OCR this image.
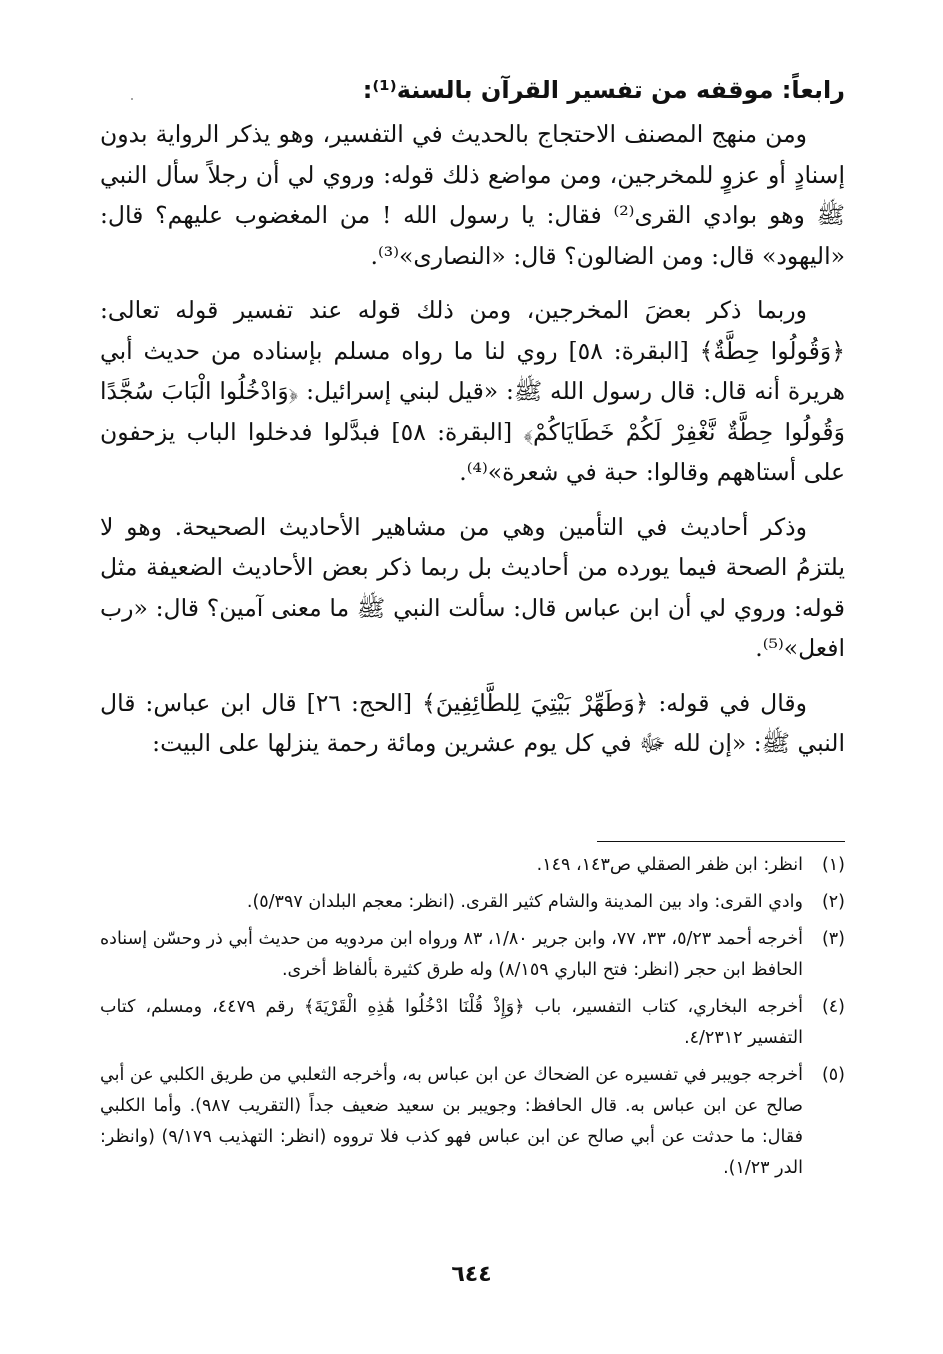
رابعاً: موقفه من تفسير القرآن بالسنة⁽¹⁾:

ومن منهج المصنف الاحتجاج بالحديث في التفسير، وهو يذكر الرواية بدون إسنادٍ أو عزوٍ للمخرجين، ومن مواضع ذلك قوله: وروي لي أن رجلاً سأل النبي ﷺ وهو بوادي القرى⁽²⁾ فقال: يا رسول الله ! من المغضوب عليهم؟ قال: «اليهود» قال: ومن الضالون؟ قال: «النصارى»⁽³⁾.

وربما ذكر بعضَ المخرجين، ومن ذلك قوله عند تفسير قوله تعالى: ﴿وَقُولُوا حِطَّةٌ﴾ [البقرة: ٥٨] روي لنا ما رواه مسلم بإسناده من حديث أبي هريرة أنه قال: قال رسول الله ﷺ: «قيل لبني إسرائيل: ﴿وَادْخُلُوا الْبَابَ سُجَّدًا وَقُولُوا حِطَّةٌ نَّغْفِرْ لَكُمْ خَطَايَاكُمْ﴾ [البقرة: ٥٨] فبدَّلوا فدخلوا الباب يزحفون على أستاههم وقالوا: حبة في شعرة»⁽⁴⁾.

وذكر أحاديث في التأمين وهي من مشاهير الأحاديث الصحيحة. وهو لا يلتزمُ الصحة فيما يورده من أحاديث بل ربما ذكر بعض الأحاديث الضعيفة مثل قوله: وروي لي أن ابن عباس قال: سألت النبي ﷺ ما معنى آمين؟ قال: «رب افعل»⁽⁵⁾.

وقال في قوله: ﴿وَطَهِّرْ بَيْتِيَ لِلطَّائِفِينَ﴾ [الحج: ٢٦] قال ابن عباس: قال النبي ﷺ: «إن لله ﷻ في كل يوم عشرين ومائة رحمة ينزلها على البيت:

(١)
انظر: ابن ظفر الصقلي ص١٤٣، ١٤٩.
(٢)
وادي القرى: واد بين المدينة والشام كثير القرى. (انظر: معجم البلدان ٥/٣٩٧).
(٣)
أخرجه أحمد ٥/٢٣، ٣٣، ٧٧، وابن جرير ١/٨٠، ٨٣ ورواه ابن مردويه من حديث أبي ذر وحسّن إسناده الحافظ ابن حجر (انظر: فتح الباري ٨/١٥٩) وله طرق كثيرة بألفاظ أخرى.
(٤)
أخرجه البخاري، كتاب التفسير، باب ﴿وَإِذْ قُلْنَا ادْخُلُوا هَٰذِهِ الْقَرْيَةَ﴾ رقم ٤٤٧٩، ومسلم، كتاب التفسير ٤/٢٣١٢.
(٥)
أخرجه جويبر في تفسيره عن الضحاك عن ابن عباس به، وأخرجه الثعلبي من طريق الكلبي عن أبي صالح عن ابن عباس به. قال الحافظ: وجويبر بن سعيد ضعيف جداً (التقريب ٩٨٧). وأما الكلبي فقال: ما حدثت عن أبي صالح عن ابن عباس فهو كذب فلا ترووه (انظر: التهذيب ٩/١٧٩) (وانظر: الدر ١/٢٣).
٦٤٤
